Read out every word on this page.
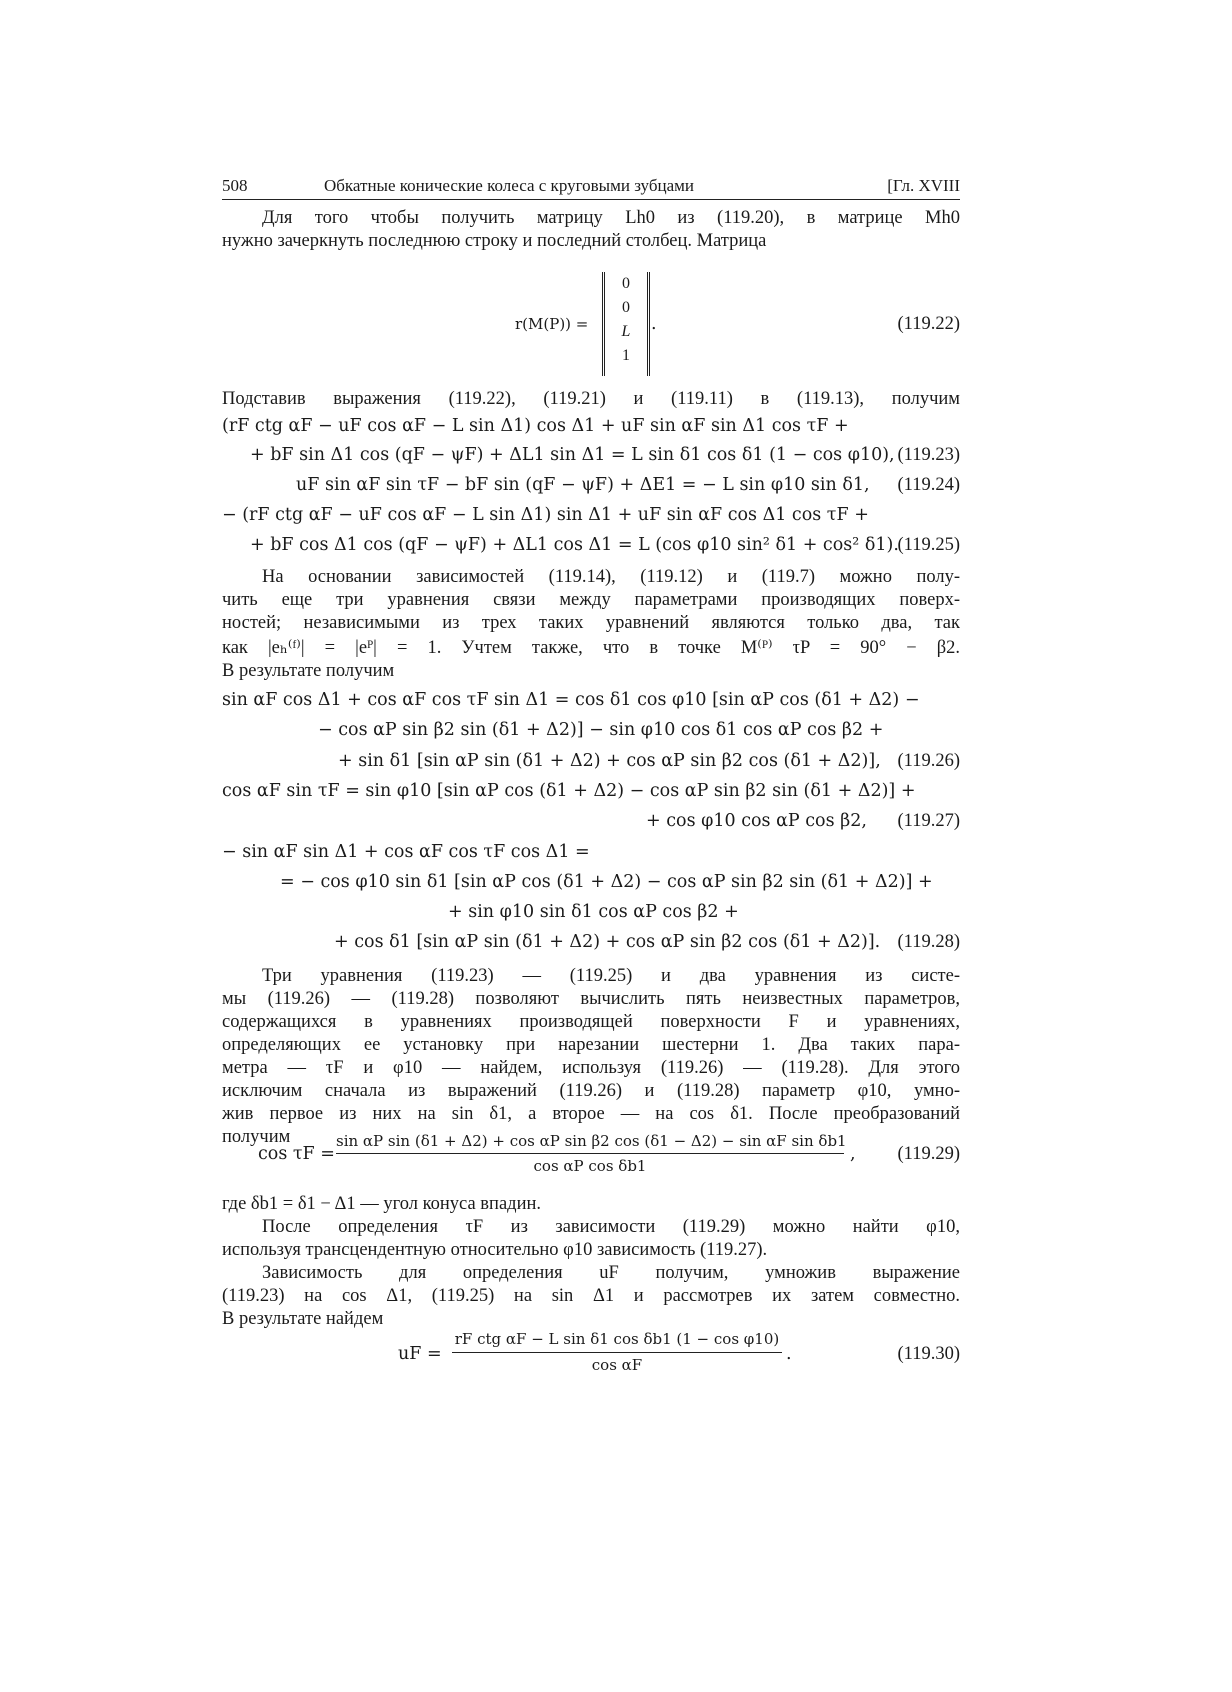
508	Обкатные конические колеса с круговыми зубцами	[Гл. XVIII
Для того чтобы получить матрицу Lh0 из (119.20), в матрице Mh0
нужно зачеркнуть последнюю строку и последний столбец. Матрица
r(M(P)) =
0
0
L
1
.	(119.22)
Подставив выражения (119.22), (119.21) и (119.11) в (119.13), получим
(rF ctg αF − uF cos αF − L sin Δ1) cos Δ1 + uF sin αF sin Δ1 cos τF +
+ bF sin Δ1 cos (qF − ψF) + ΔL1 sin Δ1 = L sin δ1 cos δ1 (1 − cos φ10), (119.23)
uF sin αF sin τF − bF sin (qF − ψF) + ΔE1 = − L sin φ10 sin δ1, (119.24)
− (rF ctg αF − uF cos αF − L sin Δ1) sin Δ1 + uF sin αF cos Δ1 cos τF +
+ bF cos Δ1 cos (qF − ψF) + ΔL1 cos Δ1 = L (cos φ10 sin² δ1 + cos² δ1).
(119.25)
На основании зависимостей (119.14), (119.12) и (119.7) можно полу-
чить еще три уравнения связи между параметрами производящих поверх-
ностей; независимыми из трех таких уравнений являются только два, так
как |eₕ⁽ᶠ⁾| = |eᴾ| = 1. Учтем также, что в точке M⁽ᴾ⁾ τP = 90° − β2.
В результате получим
sin αF cos Δ1 + cos αF cos τF sin Δ1 = cos δ1 cos φ10 [sin αP cos (δ1 + Δ2) −
− cos αP sin β2 sin (δ1 + Δ2)] − sin φ10 cos δ1 cos αP cos β2 +
+ sin δ1 [sin αP sin (δ1 + Δ2) + cos αP sin β2 cos (δ1 + Δ2)], (119.26)
cos αF sin τF = sin φ10 [sin αP cos (δ1 + Δ2) − cos αP sin β2 sin (δ1 + Δ2)] +
+ cos φ10 cos αP cos β2, (119.27)
− sin αF sin Δ1 + cos αF cos τF cos Δ1 =
= − cos φ10 sin δ1 [sin αP cos (δ1 + Δ2) − cos αP sin β2 sin (δ1 + Δ2)] +
+ sin φ10 sin δ1 cos αP cos β2 +
+ cos δ1 [sin αP sin (δ1 + Δ2) + cos αP sin β2 cos (δ1 + Δ2)]. (119.28)
Три уравнения (119.23) — (119.25) и два уравнения из систе-
мы (119.26) — (119.28) позволяют вычислить пять неизвестных параметров,
содержащихся в уравнениях производящей поверхности F и уравнениях,
определяющих ее установку при нарезании шестерни 1. Два таких пара-
метра — τF и φ10 — найдем, используя (119.26) — (119.28). Для этого
исключим сначала из выражений (119.26) и (119.28) параметр φ10, умно-
жив первое из них на sin δ1, а второе — на cos δ1. После преобразований
получим
cos τF =
sin αP sin (δ1 + Δ2) + cos αP sin β2 cos (δ1 − Δ2) − sin αF sin δb1
cos αP cos δb1
, (119.29)
где δb1 = δ1 − Δ1 — угол конуса впадин.
После определения τF из зависимости (119.29) можно найти φ10,
используя трансцендентную относительно φ10 зависимость (119.27).
Зависимость для определения uF получим, умножив выражение
(119.23) на cos Δ1, (119.25) на sin Δ1 и рассмотрев их затем совместно.
В результате найдем
uF =
rF ctg αF − L sin δ1 cos δb1 (1 − cos φ10)
cos αF
.	(119.30)
